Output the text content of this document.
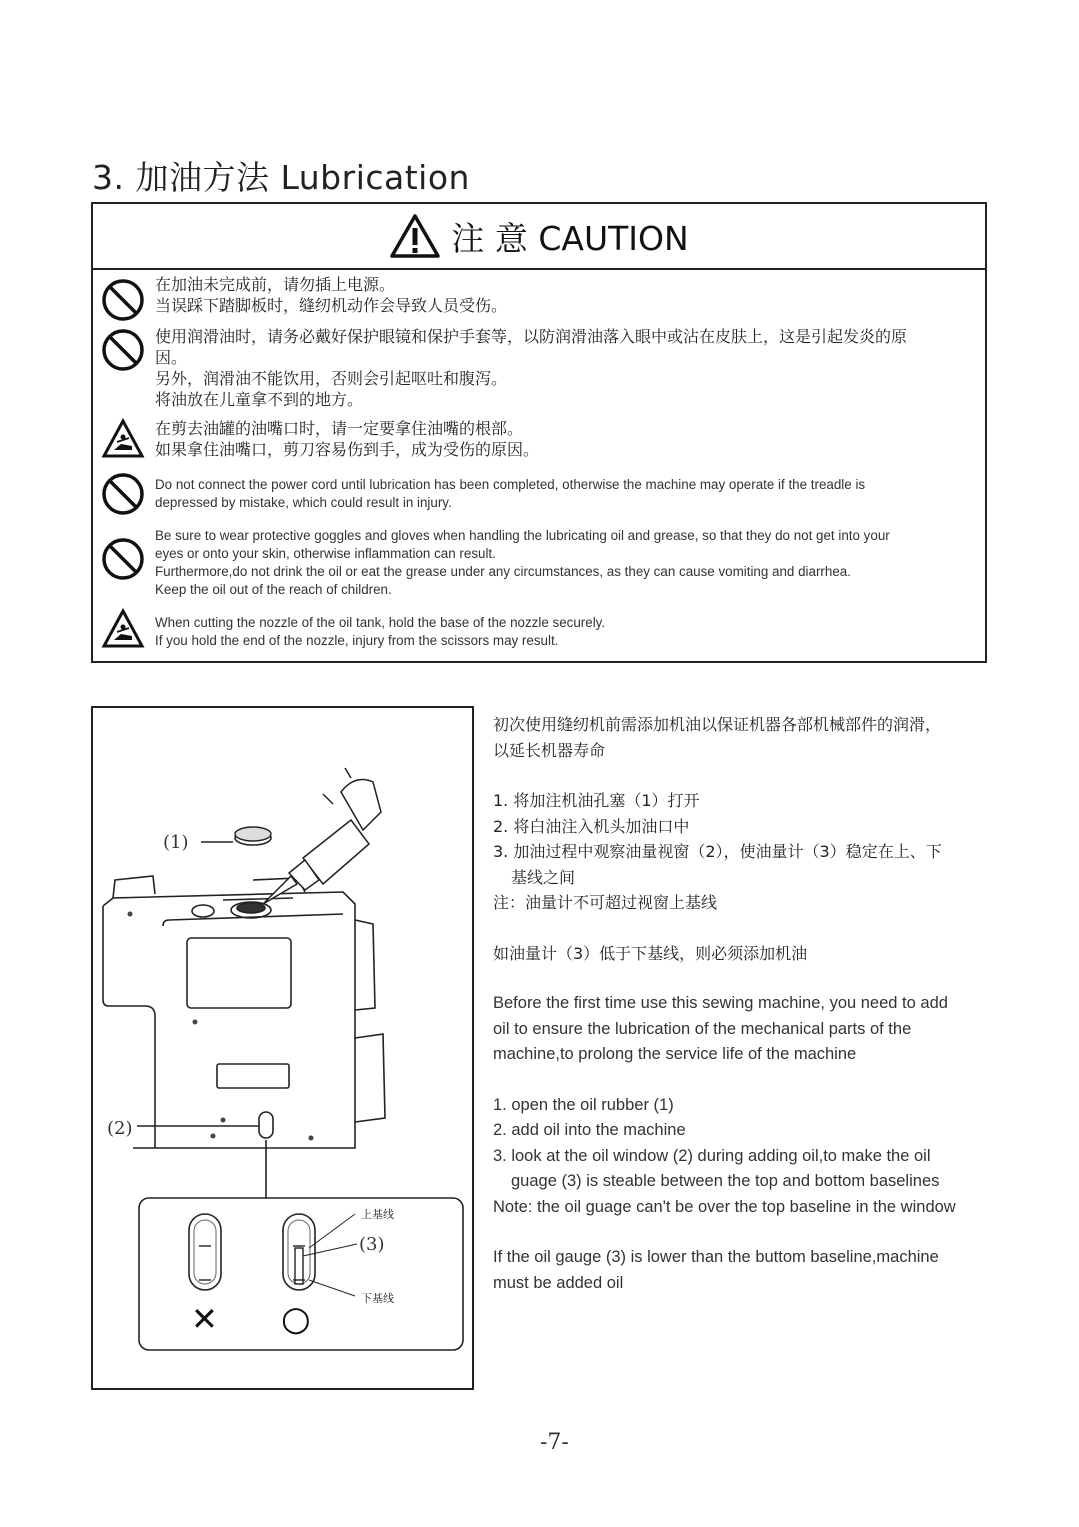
3. 加油方法 Lubrication
注 意 CAUTION
在加油未完成前，请勿插上电源。
当误踩下踏脚板时，缝纫机动作会导致人员受伤。
使用润滑油时，请务必戴好保护眼镜和保护手套等，以防润滑油落入眼中或沾在皮肤上，这是引起发炎的原
因。
另外，润滑油不能饮用，否则会引起呕吐和腹泻。
将油放在儿童拿不到的地方。
在剪去油罐的油嘴口时，请一定要拿住油嘴的根部。
如果拿住油嘴口，剪刀容易伤到手，成为受伤的原因。
Do not connect the power cord until lubrication has been completed, otherwise the machine may operate if the treadle is
depressed by mistake, which could result in injury.
Be sure to wear protective goggles and gloves when handling the lubricating oil and grease, so that they do not get into your
eyes or onto your skin, otherwise inflammation can result.
Furthermore,do not drink the oil or eat the grease under any circumstances, as they can cause vomiting and diarrhea.
Keep the oil out of the reach of children.
When cutting the nozzle of the oil tank, hold the base of the nozzle securely.
If you hold the end of the nozzle, injury from the scissors may result.
(1)
(2)
上基线
(3)
下基线
✕ ○

初次使用缝纫机前需添加机油以保证机器各部机械部件的润滑，

以延长机器寿命

1. 将加注机油孔塞（1）打开

2. 将白油注入机头加油口中

3. 加油过程中观察油量视窗（2），使油量计（3）稳定在上、下

基线之间

注：油量计不可超过视窗上基线

如油量计（3）低于下基线，则必须添加机油

Before the first time use this sewing machine, you need to add

oil to ensure the lubrication of the mechanical parts of the

machine,to prolong the service life of the machine

1. open the oil rubber (1)

2. add oil into the machine

3. look at the oil window (2) during adding oil,to make the oil

guage (3) is steable between the top and bottom baselines

Note: the oil guage can't be over the top baseline in the window

If the oil gauge (3) is lower than the buttom baseline,machine

must be added oil

-7-
